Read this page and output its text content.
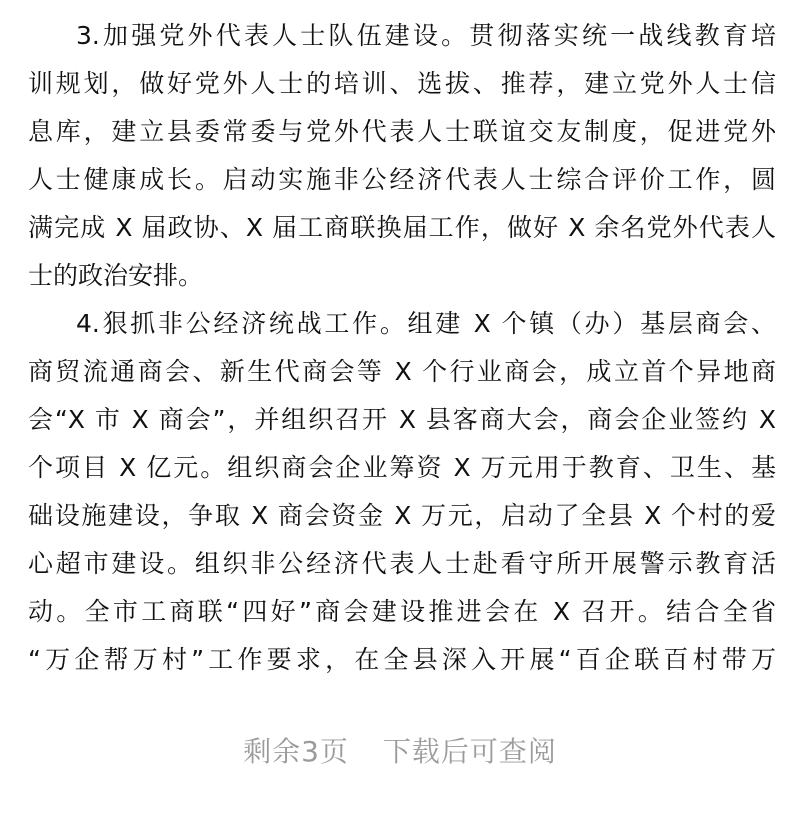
3.加强党外代表人士队伍建设。贯彻落实统一战线教育培
训规划，做好党外人士的培训、选拔、推荐，建立党外人士信
息库，建立县委常委与党外代表人士联谊交友制度，促进党外
人士健康成长。启动实施非公经济代表人士综合评价工作，圆
满完成 X 届政协、X 届工商联换届工作，做好 X 余名党外代表人
士的政治安排。
4.狠抓非公经济统战工作。组建 X 个镇（办）基层商会、
商贸流通商会、新生代商会等 X 个行业商会，成立首个异地商
会“X 市 X 商会”，并组织召开 X 县客商大会，商会企业签约 X
个项目 X 亿元。组织商会企业筹资 X 万元用于教育、卫生、基
础设施建设，争取 X 商会资金 X 万元，启动了全县 X 个村的爱
心超市建设。组织非公经济代表人士赴看守所开展警示教育活
动。全市工商联“四好”商会建设推进会在 X 召开。结合全省
“万企帮万村”工作要求，在全县深入开展“百企联百村带万
剩余3页 下载后可查阅
